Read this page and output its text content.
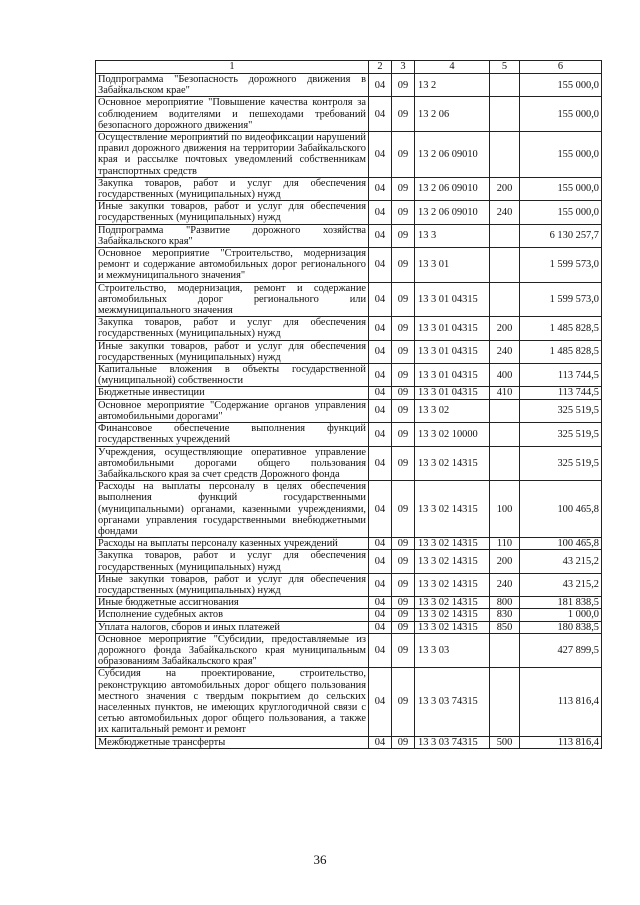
1	2	3	4	5	6
Подпрограмма "Безопасность дорожного движения в Забайкальском крае"	04	09	13 2		155 000,0
Основное мероприятие "Повышение качества контроля за соблюдением водителями и пешеходами требований безопасного дорожного движения"	04	09	13 2 06		155 000,0
Осуществление мероприятий по видеофиксации нарушений правил дорожного движения на территории Забайкальского края и рассылке почтовых уведомлений собственникам транспортных средств	04	09	13 2 06 09010		155 000,0
Закупка товаров, работ и услуг для обеспечения государственных (муниципальных) нужд	04	09	13 2 06 09010	200	155 000,0
Иные закупки товаров, работ и услуг для обеспечения государственных (муниципальных) нужд	04	09	13 2 06 09010	240	155 000,0
Подпрограмма "Развитие дорожного хозяйства Забайкальского края"	04	09	13 3		6 130 257,7
Основное мероприятие "Строительство, модернизация ремонт и содержание автомобильных дорог регионального и межмуниципального значения"	04	09	13 3 01		1 599 573,0
Строительство, модернизация, ремонт и содержание автомобильных дорог регионального или межмуниципального значения	04	09	13 3 01 04315		1 599 573,0
Закупка товаров, работ и услуг для обеспечения государственных (муниципальных) нужд	04	09	13 3 01 04315	200	1 485 828,5
Иные закупки товаров, работ и услуг для обеспечения государственных (муниципальных) нужд	04	09	13 3 01 04315	240	1 485 828,5
Капитальные вложения в объекты государственной (муниципальной) собственности	04	09	13 3 01 04315	400	113 744,5
Бюджетные инвестиции	04	09	13 3 01 04315	410	113 744,5
Основное мероприятие "Содержание органов управления автомобильными дорогами"	04	09	13 3 02		325 519,5
Финансовое обеспечение выполнения функций государственных учреждений	04	09	13 3 02 10000		325 519,5
Учреждения, осуществляющие оперативное управление автомобильными дорогами общего пользования Забайкальского края за счет средств Дорожного фонда	04	09	13 3 02 14315		325 519,5
Расходы на выплаты персоналу в целях обеспечения выполнения функций государственными (муниципальными) органами, казенными учреждениями, органами управления государственными внебюджетными фондами	04	09	13 3 02 14315	100	100 465,8
Расходы на выплаты персоналу казенных учреждений	04	09	13 3 02 14315	110	100 465,8
Закупка товаров, работ и услуг для обеспечения государственных (муниципальных) нужд	04	09	13 3 02 14315	200	43 215,2
Иные закупки товаров, работ и услуг для обеспечения государственных (муниципальных) нужд	04	09	13 3 02 14315	240	43 215,2
Иные бюджетные ассигнования	04	09	13 3 02 14315	800	181 838,5
Исполнение судебных актов	04	09	13 3 02 14315	830	1 000,0
Уплата налогов, сборов и иных платежей	04	09	13 3 02 14315	850	180 838,5
Основное мероприятие "Субсидии, предоставляемые из дорожного фонда Забайкальского края муниципальным образованиям Забайкальского края"	04	09	13 3 03		427 899,5
Субсидия на проектирование, строительство, реконструкцию автомобильных дорог общего пользования местного значения с твердым покрытием до сельских населенных пунктов, не имеющих круглогодичной связи с сетью автомобильных дорог общего пользования, а также их капитальный ремонт и ремонт	04	09	13 3 03 74315		113 816,4
Межбюджетные трансферты	04	09	13 3 03 74315	500	113 816,4
36
